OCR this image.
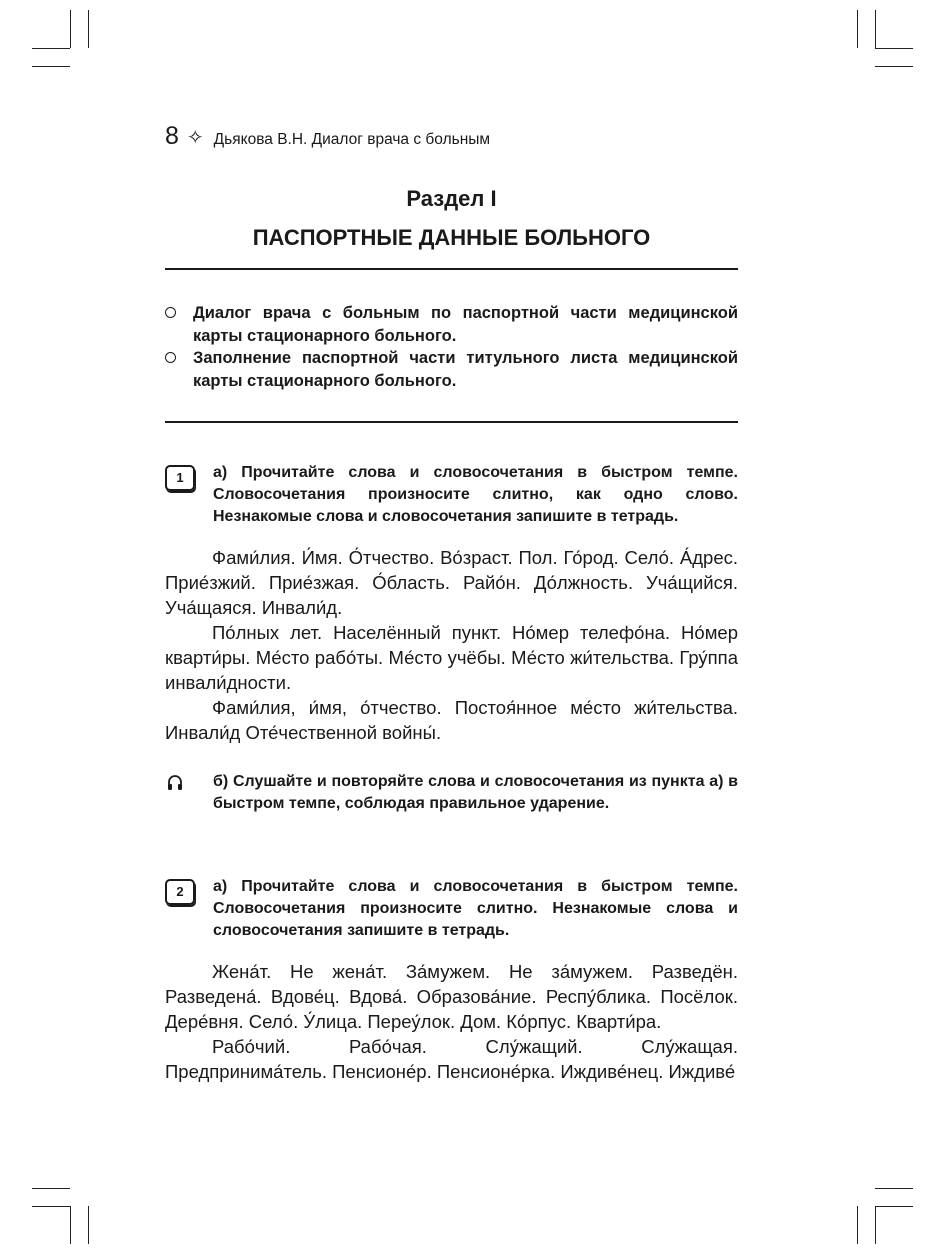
8 ✧ Дьякова В.Н. Диалог врача с больным
Раздел I
ПАСПОРТНЫЕ ДАННЫЕ БОЛЬНОГО
Диалог врача с больным по паспортной части медицинской карты стационарного больного.
Заполнение паспортной части титульного листа медицинской карты стационарного больного.
1	а) Прочитайте слова и словосочетания в быстром темпе. Словосочетания произносите слитно, как одно слово. Незнакомые слова и словосочетания запишите в тетрадь.

Фами́лия. И́мя. О́тчество. Во́зраст. Пол. Го́род. Село́. А́дрес. Прие́зжий. Прие́зжая. О́бласть. Райо́н. До́лжность. Уча́щийся. Уча́щаяся. Инвали́д.

По́лных лет. Населённый пункт. Но́мер телефо́на. Но́мер кварти́ры. Ме́сто рабо́ты. Ме́сто учёбы. Ме́сто жи́тельства. Гру́ппа инвали́дности.

Фами́лия, и́мя, о́тчество. Постоя́нное ме́сто жи́тельства. Инвали́д Оте́чественной войны́.

б) Слушайте и повторяйте слова и словосочетания из пункта а) в быстром темпе, соблюдая правильное ударение.
2	а) Прочитайте слова и словосочетания в быстром темпе. Словосочетания произносите слитно. Незнакомые слова и словосочетания запишите в тетрадь.

Жена́т. Не жена́т. За́мужем. Не за́мужем. Разведён. Разведена́. Вдове́ц. Вдова́. Образова́ние. Респу́блика. Посёлок. Дере́вня. Село́. У́лица. Переу́лок. Дом. Ко́рпус. Кварти́ра.

Рабо́чий. Рабо́чая. Слу́жащий. Слу́жащая. Предпринима́тель. Пенсионе́р. Пенсионе́рка. Иждиве́нец. Иждиве́
